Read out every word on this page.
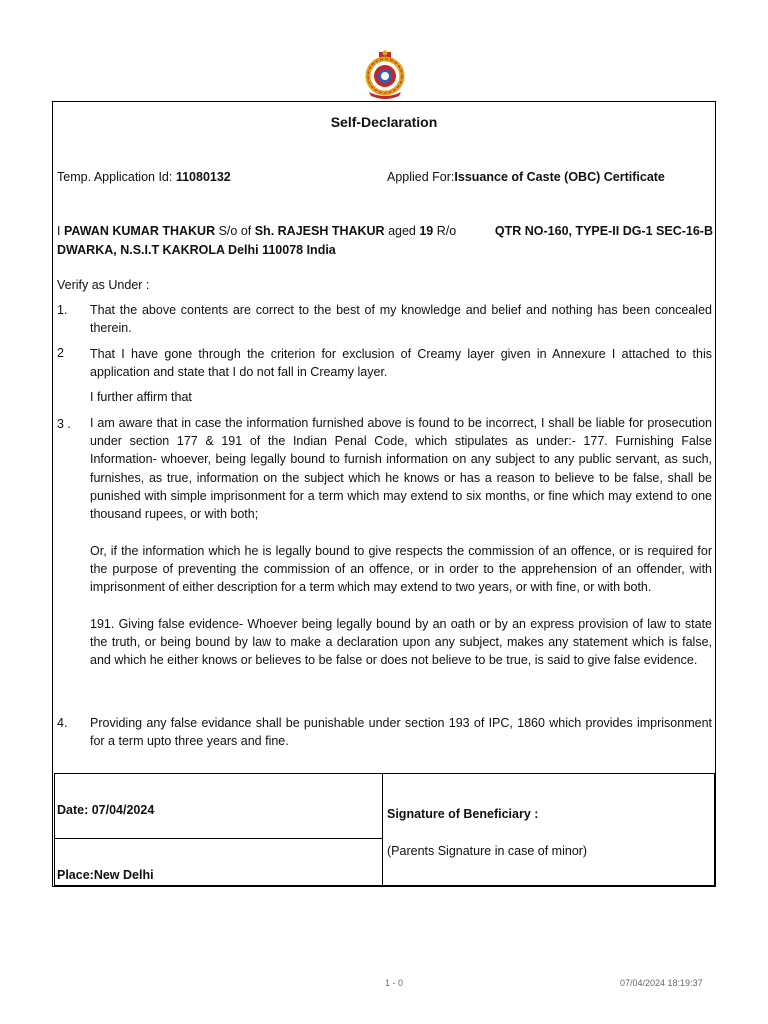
Self-Declaration
Temp. Application Id: 11080132	Applied For:Issuance of Caste (OBC) Certificate
I PAWAN KUMAR THAKUR S/o of Sh. RAJESH THAKUR aged 19 R/o	QTR NO-160, TYPE-II DG-1 SEC-16-B
DWARKA, N.S.I.T KAKROLA Delhi 110078 India
Verify as Under :
1. That the above contents are correct to the best of my knowledge and belief and nothing has been concealed therein.
2 That I have gone through the criterion for exclusion of Creamy layer given in Annexure I attached to this application and state that I do not fall in Creamy layer.
I further affirm that
3 . I am aware that in case the information furnished above is found to be incorrect, I shall be liable for prosecution under section 177 & 191 of the Indian Penal Code, which stipulates as under:- 177. Furnishing False Information- whoever, being legally bound to furnish information on any subject to any public servant, as such, furnishes, as true, information on the subject which he knows or has a reason to believe to be false, shall be punished with simple imprisonment for a term which may extend to six months, or fine which may extend to one thousand rupees, or with both;
Or, if the information which he is legally bound to give respects the commission of an offence, or is required for the purpose of preventing the commission of an offence, or in order to the apprehension of an offender, with imprisonment of either description for a term which may extend to two years, or with fine, or with both.
191. Giving false evidence- Whoever being legally bound by an oath or by an express provision of law to state the truth, or being bound by law to make a declaration upon any subject, makes any statement which is false, and which he either knows or believes to be false or does not believe to be true, is said to give false evidence.
4. Providing any false evidance shall be punishable under section 193 of IPC, 1860 which provides imprisonment for a term upto three years and fine.
Date: 07/04/2024
Place:New Delhi
Signature of Beneficiary :
(Parents Signature in case of minor)
1 - 0	07/04/2024 18:19:37
